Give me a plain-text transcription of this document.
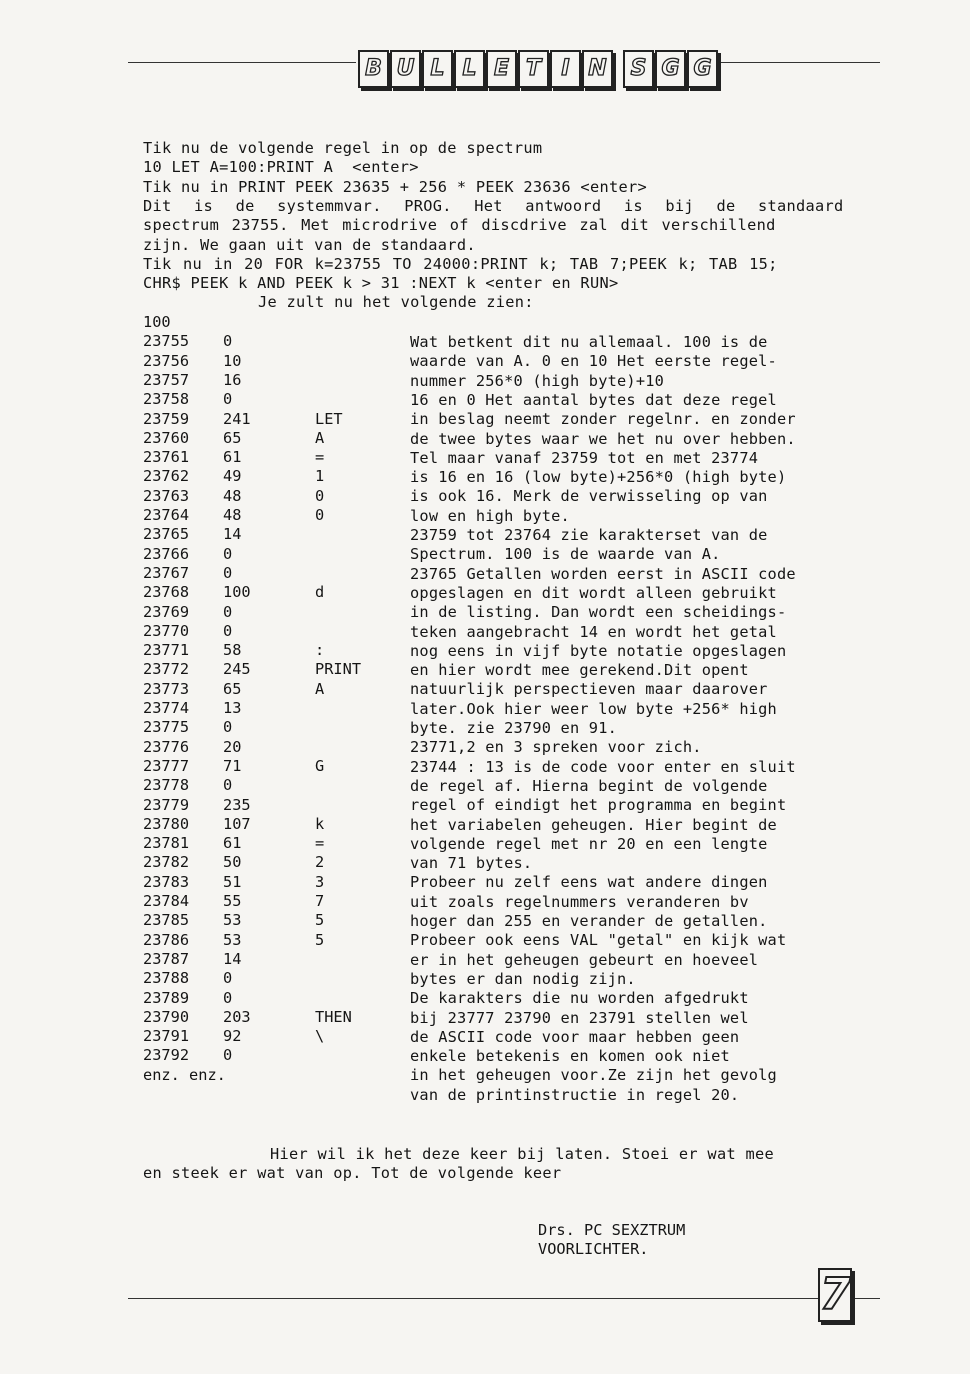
B U L L E T I N	S G G
Tik nu de volgende regel in op de spectrum
10 LET A=100:PRINT A  <enter>
Tik nu in PRINT PEEK 23635 + 256 * PEEK 23636 <enter>
Dit is de systemmvar. PROG. Het antwoord is bij de standaard
spectrum 23755. Met microdrive of discdrive zal dit verschillend
zijn. We gaan uit van de standaard.
Tik nu in 20 FOR k=23755 TO 24000:PRINT k; TAB 7;PEEK k; TAB 15;
CHR$ PEEK k AND PEEK k > 31 :NEXT k <enter en RUN>
Je zult nu het volgende zien:
100
23755 0
23756 10
23757 16
23758 0
23759 241	LET
23760 65	A
23761 61	=
23762 49	1
23763 48	0
23764 48	0
23765 14
23766 0
23767 0
23768 100	d
23769 0
23770 0
23771 58	:
23772 245	PRINT
23773 65	A
23774 13
23775 0
23776 20
23777 71	G
23778 0
23779 235
23780 107	k
23781 61	=
23782 50	2
23783 51	3
23784 55	7
23785 53	5
23786 53	5
23787 14
23788 0
23789 0
23790 203	THEN
23791 92	\
23792 0
enz. enz.
Wat betkent dit nu allemaal. 100 is de
waarde van A. 0 en 10 Het eerste regel-
nummer 256*0 (high byte)+10
16 en 0 Het aantal bytes dat deze regel
in beslag neemt zonder regelnr. en zonder
de twee bytes waar we het nu over hebben.
Tel maar vanaf 23759 tot en met 23774
is 16 en 16 (low byte)+256*0 (high byte)
is ook 16. Merk de verwisseling op van
low en high byte.
23759 tot 23764 zie karakterset van de
Spectrum. 100 is de waarde van A.
23765 Getallen worden eerst in ASCII code
opgeslagen en dit wordt alleen gebruikt
in de listing. Dan wordt een scheidings-
teken aangebracht 14 en wordt het getal
nog eens in vijf byte notatie opgeslagen
en hier wordt mee gerekend.Dit opent
natuurlijk perspectieven maar daarover
later.Ook hier weer low byte +256* high
byte. zie 23790 en 91.
23771,2 en 3 spreken voor zich.
23744 : 13 is de code voor enter en sluit
de regel af. Hierna begint de volgende
regel of eindigt het programma en begint
het variabelen geheugen. Hier begint de
volgende regel met nr 20 en een lengte
van 71 bytes.
Probeer nu zelf eens wat andere dingen
uit zoals regelnummers veranderen bv
hoger dan 255 en verander de getallen.
Probeer ook eens VAL "getal" en kijk wat
er in het geheugen gebeurt en hoeveel
bytes er dan nodig zijn.
De karakters die nu worden afgedrukt
bij 23777 23790 en 23791 stellen wel
de ASCII code voor maar hebben geen
enkele betekenis en komen ook niet
in het geheugen voor.Ze zijn het gevolg
van de printinstructie in regel 20.
Hier wil ik het deze keer bij laten. Stoei er wat mee
en steek er wat van op. Tot de volgende keer
Drs. PC SEXZTRUM
VOORLICHTER.
7
